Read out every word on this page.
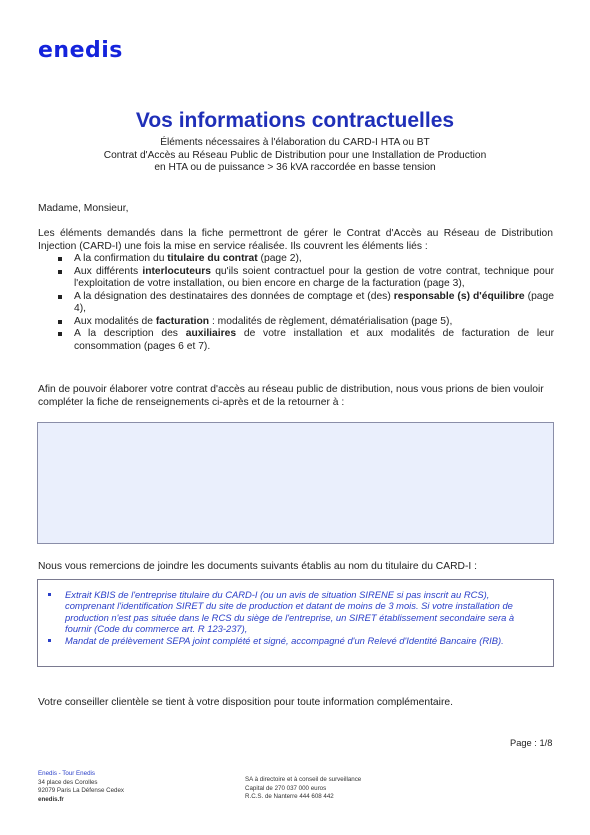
enedis
Vos informations contractuelles
Éléments nécessaires à l'élaboration du CARD-I HTA ou BT
Contrat d'Accès au Réseau Public de Distribution pour une Installation de Production
en HTA ou de puissance > 36 kVA raccordée en basse tension
Madame, Monsieur,
Les éléments demandés dans la fiche permettront de gérer le Contrat d'Accès au Réseau de Distribution Injection (CARD-I) une fois la mise en service réalisée. Ils couvrent les éléments liés :
A la confirmation du titulaire du contrat (page 2),
Aux différents interlocuteurs qu'ils soient contractuel pour la gestion de votre contrat, technique pour l'exploitation de votre installation, ou bien encore en charge de la facturation (page 3),
A la désignation des destinataires des données de comptage et (des) responsable (s) d'équilibre (page 4),
Aux modalités de facturation : modalités de règlement, dématérialisation (page 5),
A la description des auxiliaires de votre installation et aux modalités de facturation de leur consommation (pages 6 et 7).
Afin de pouvoir élaborer votre contrat d'accès au réseau public de distribution, nous vous prions de bien vouloir compléter la fiche de renseignements ci-après et de la retourner à :
Nous vous remercions de joindre les documents suivants établis au nom du titulaire du CARD-I :
Extrait KBIS de l'entreprise titulaire du CARD-I (ou un avis de situation SIRENE si pas inscrit au RCS), comprenant l'identification SIRET du site de production et datant de moins de 3 mois. Si votre installation de production n'est pas située dans le RCS du siège de l'entreprise, un SIRET établissement secondaire sera à fournir (Code du commerce art. R 123-237),
Mandat de prélèvement SEPA joint complété et signé, accompagné d'un Relevé d'Identité Bancaire (RIB).
Votre conseiller clientèle se tient à votre disposition pour toute information complémentaire.
Page : 1/8
Enedis - Tour Enedis
34 place des Corolles
92079 Paris La Défense Cedex
enedis.fr
SA à directoire et à conseil de surveillance
Capital de 270 037 000 euros
R.C.S. de Nanterre 444 608 442
